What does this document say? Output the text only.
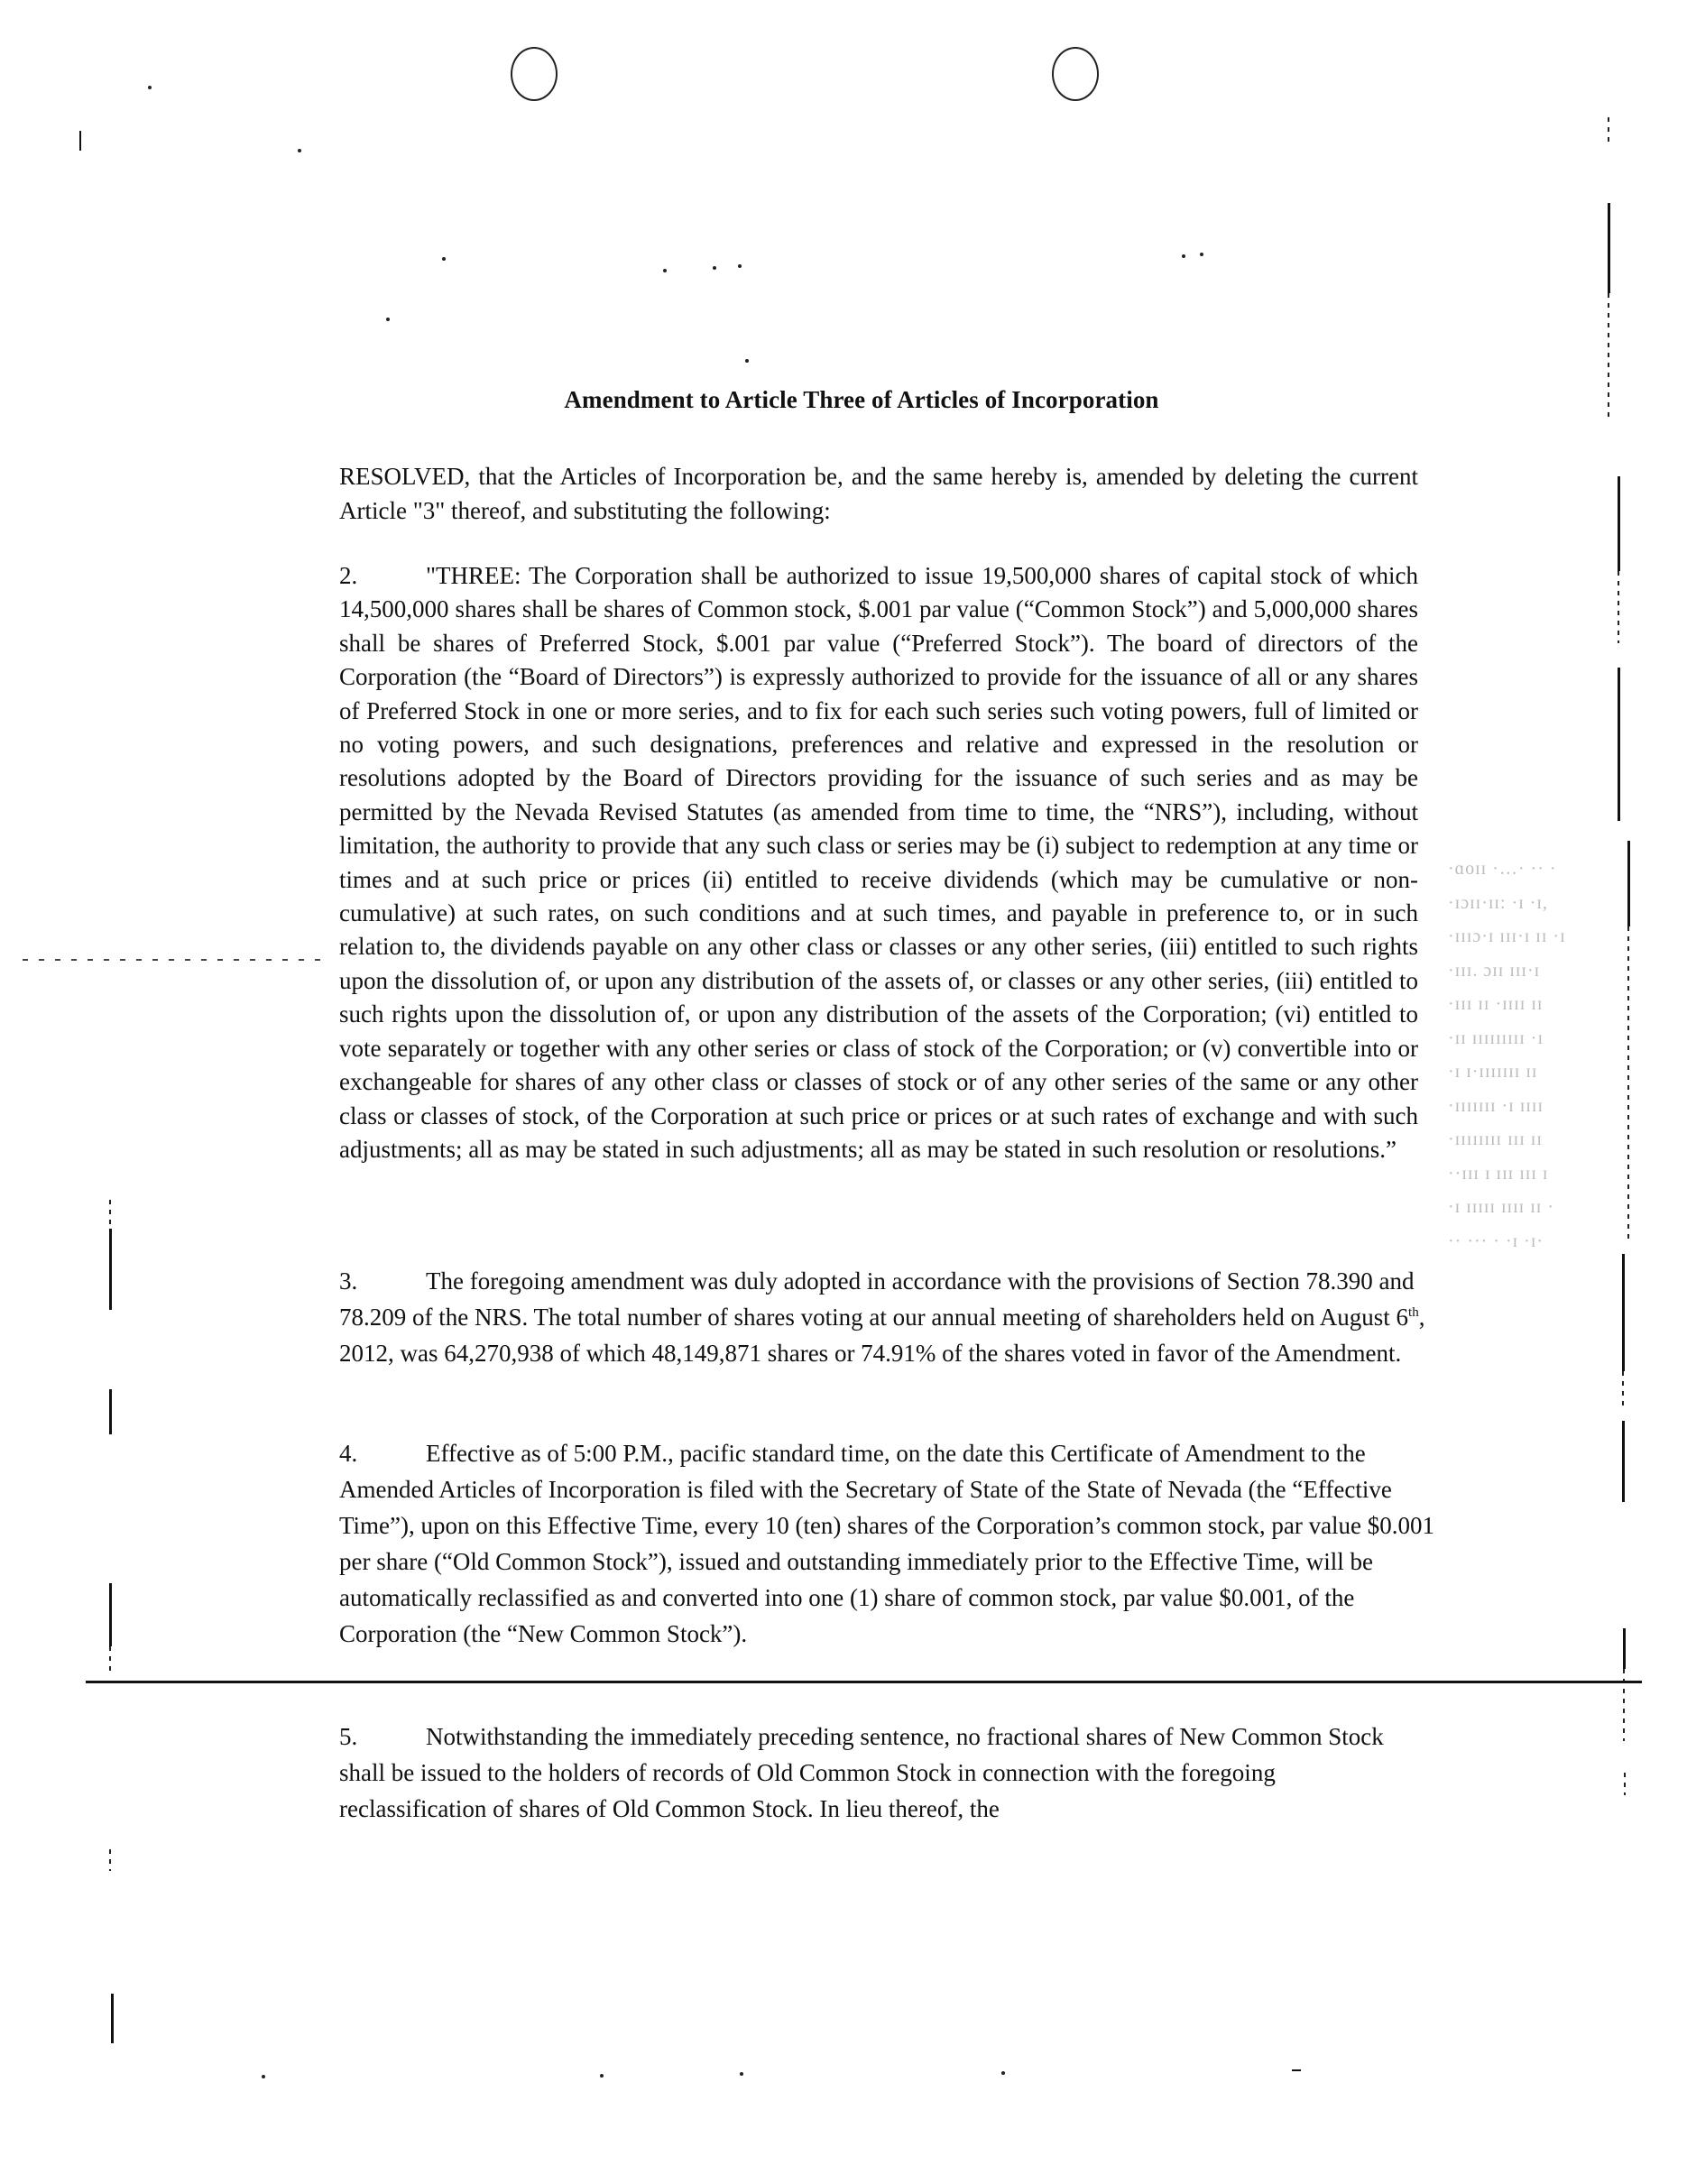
·ɑoɪɪ ·…· ·· ·
·ɪɔɪɪ·ɪɪ: ·ɪ ·ɪ,
·ɪɪɪɔ·ɪ ɪɪɪ·ɪ ɪɪ ·ɪ
·ɪɪɪ. ɔɪɪ ɪɪɪ·ɪ
·ɪɪɪ ɪɪ ·ɪɪɪɪ ɪɪ
·ɪɪ ɪɪɪɪɪɪɪɪɪ ·ɪ
·ɪ ɪ·ɪɪɪɪɪɪɪ ɪɪ
·ɪɪɪɪɪɪɪ ·ɪ ɪɪɪɪ
·ɪɪɪɪɪɪɪɪ ɪɪɪ ɪɪ
··ɪɪɪ ɪ ɪɪɪ ɪɪɪ ɪ
·ɪ ɪɪɪɪɪ ɪɪɪɪ ɪɪ ·
·· ··· · ·ɪ ·ɪ·
Amendment to Article Three of Articles of Incorporation
RESOLVED, that the Articles of Incorporation be, and the same hereby is, amended by deleting the current Article "3" thereof, and substituting the following:
2.	"THREE: The Corporation shall be authorized to issue 19,500,000 shares of capital stock of which 14,500,000 shares shall be shares of Common stock, $.001 par value (“Common Stock”) and 5,000,000 shares shall be shares of Preferred Stock, $.001 par value (“Preferred Stock”). The board of directors of the Corporation (the “Board of Directors”) is expressly authorized to provide for the issuance of all or any shares of Preferred Stock in one or more series, and to fix for each such series such voting powers, full of limited or no voting powers, and such designations, preferences and relative and expressed in the resolution or resolutions adopted by the Board of Directors providing for the issuance of such series and as may be permitted by the Nevada Revised Statutes (as amended from time to time, the “NRS”), including, without limitation, the authority to provide that any such class or series may be (i) subject to redemption at any time or times and at such price or prices (ii) entitled to receive dividends (which may be cumulative or non-cumulative) at such rates, on such conditions and at such times, and payable in preference to, or in such relation to, the dividends payable on any other class or classes or any other series, (iii) entitled to such rights upon the dissolution of, or upon any distribution of the assets of, or classes or any other series, (iii) entitled to such rights upon the dissolution of, or upon any distribution of the assets of the Corporation; (vi) entitled to vote separately or together with any other series or class of stock of the Corporation; or (v) convertible into or exchangeable for shares of any other class or classes of stock or of any other series of the same or any other class or classes of stock, of the Corporation at such price or prices or at such rates of exchange and with such adjustments; all as may be stated in such adjustments; all as may be stated in such resolution or resolutions.”
3.	The foregoing amendment was duly adopted in accordance with the provisions of Section 78.390 and 78.209 of the NRS. The total number of shares voting at our annual meeting of shareholders held on August 6th, 2012, was 64,270,938 of which 48,149,871 shares or 74.91% of the shares voted in favor of the Amendment.
4.	Effective as of 5:00 P.M., pacific standard time, on the date this Certificate of Amendment to the Amended Articles of Incorporation is filed with the Secretary of State of the State of Nevada (the “Effective Time”), upon on this Effective Time, every 10 (ten) shares of the Corporation’s common stock, par value $0.001 per share (“Old Common Stock”), issued and outstanding immediately prior to the Effective Time, will be automatically reclassified as and converted into one (1) share of common stock, par value $0.001, of the Corporation (the “New Common Stock”).
5.	Notwithstanding the immediately preceding sentence, no fractional shares of New Common Stock shall be issued to the holders of records of Old Common Stock in connection with the foregoing reclassification of shares of Old Common Stock. In lieu thereof, the
